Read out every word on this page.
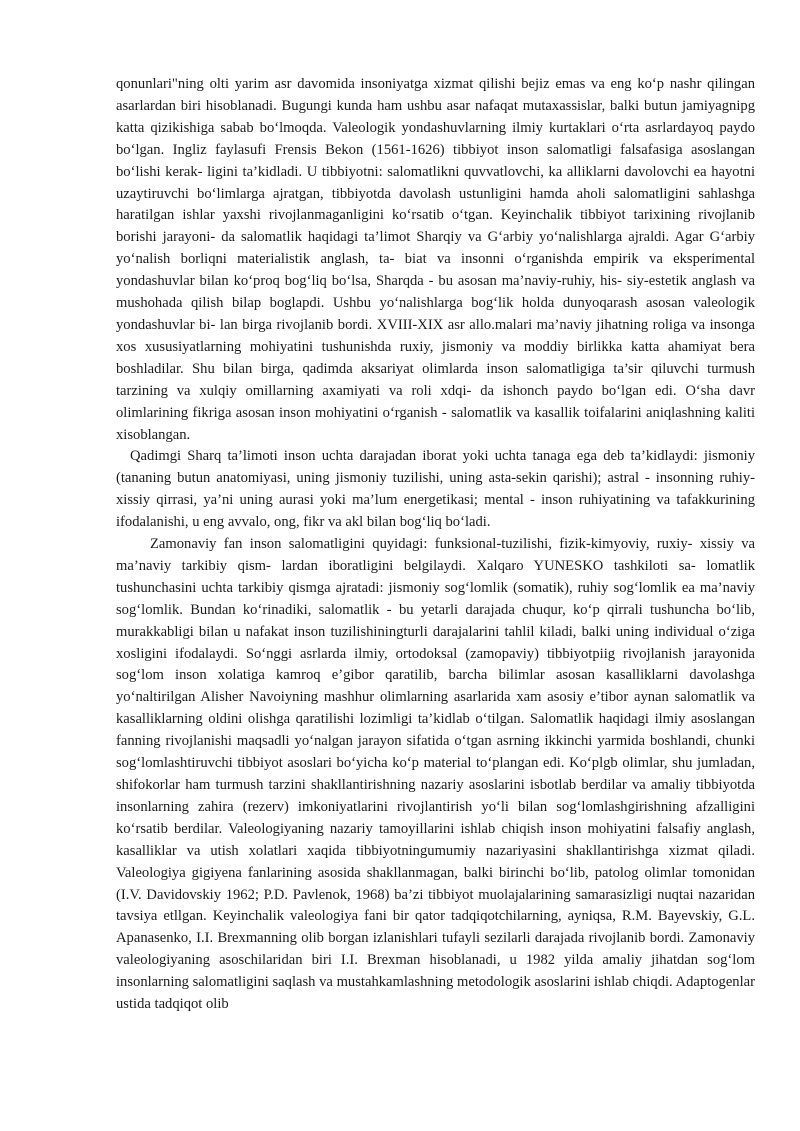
qonunlari"ning olti yarim asr davomida insoniyatga xizmat qilishi bejiz emas va eng ko‘p nashr qilingan asarlardan biri hisoblanadi. Bugungi kunda ham ushbu asar nafaqat mutaxassislar, balki butun jamiyagnipg katta qizikishiga sabab bo‘lmoqda. Valeologik yondashuvlarning ilmiy kurtaklari o‘rta asrlardayoq paydo bo‘lgan. Ingliz faylasufi Frensis Bekon (1561-1626) tibbiyot inson salomatligi falsafasiga asoslangan bo‘lishi kerak- ligini ta’kidladi. U tibbiyotni: salomatlikni quvvatlovchi, ka alliklarni davolovchi ea hayotni uzaytiruvchi bo‘limlarga ajratgan, tibbiyotda davolash ustunligini hamda aholi salomatligini sahlashga haratilgan ishlar yaxshi rivojlanmaganligini ko‘rsatib o‘tgan. Keyinchalik tibbiyot tarixining rivojlanib borishi jarayoni- da salomatlik haqidagi ta’limot Sharqiy va G‘arbiy yo‘nalishlarga ajraldi. Agar G‘arbiy yo‘nalish borliqni materialistik anglash, ta- biat va insonni o‘rganishda empirik va eksperimental yondashuvlar bilan ko‘proq bog‘liq bo‘lsa, Sharqda - bu asosan ma’naviy-ruhiy, his- siy-estetik anglash va mushohada qilish bilap boglapdi. Ushbu yo‘nalishlarga bog‘lik holda dunyoqarash asosan valeologik yondashuvlar bi- lan birga rivojlanib bordi. XVIII-XIX asr allo.malari ma’naviy jihatning roliga va insonga xos xususiyatlarning mohiyatini tushunishda ruxiy, jismoniy va moddiy birlikka katta ahamiyat bera boshladilar. Shu bilan birga, qadimda aksariyat olimlarda inson salomatligiga ta’sir qiluvchi turmush tarzining va xulqiy omillarning axamiyati va roli xdqi- da ishonch paydo bo‘lgan edi. O‘sha davr olimlarining fikriga asosan inson mohiyatini o‘rganish - salomatlik va kasallik toifalarini aniqlashning kaliti xisoblangan.

Qadimgi Sharq ta’limoti inson uchta darajadan iborat yoki uchta tanaga ega deb ta’kidlaydi: jismoniy (tananing butun anatomiyasi, uning jismoniy tuzilishi, uning asta-sekin qarishi); astral - insonning ruhiy-xissiy qirrasi, ya’ni uning aurasi yoki ma’lum energetikasi; mental - inson ruhiyatining va tafakkurining ifodalanishi, u eng avvalo, ong, fikr va akl bilan bog‘liq bo‘ladi.

Zamonaviy fan inson salomatligini quyidagi: funksional-tuzilishi, fizik-kimyoviy, ruxiy- xissiy va ma’naviy tarkibiy qism- lardan iboratligini belgilaydi. Xalqaro YUNESKO tashkiloti sa- lomatlik tushunchasini uchta tarkibiy qismga ajratadi: jismoniy sog‘lomlik (somatik), ruhiy sog‘lomlik ea ma’naviy sog‘lomlik. Bundan ko‘rinadiki, salomatlik - bu yetarli darajada chuqur, ko‘p qirrali tushuncha bo‘lib, murakkabligi bilan u nafakat inson tuzilishiningturli darajalarini tahlil kiladi, balki uning individual o‘ziga xosligini ifodalaydi. So‘nggi asrlarda ilmiy, ortodoksal (zamopaviy) tibbiyotpiig rivojlanish jarayonida sog‘lom inson xolatiga kamroq e’gibor qaratilib, barcha bilimlar asosan kasalliklarni davolashga yo‘naltirilgan Alisher Navoiyning mashhur olimlarning asarlarida xam asosiy e’tibor aynan salomatlik va kasalliklarning oldini olishga qaratilishi lozimligi ta’kidlab o‘tilgan. Salomatlik haqidagi ilmiy asoslangan fanning rivojlanishi maqsadli yo‘nalgan jarayon sifatida o‘tgan asrning ikkinchi yarmida boshlandi, chunki sog‘lomlashtiruvchi tibbiyot asoslari bo‘yicha ko‘p material to‘plangan edi. Ko‘plgb olimlar, shu jumladan, shifokorlar ham turmush tarzini shakllantirishning nazariy asoslarini isbotlab berdilar va amaliy tibbiyotda insonlarning zahira (rezerv) imkoniyatlarini rivojlantirish yo‘li bilan sog‘lomlashgirishning afzalligini ko‘rsatib berdilar. Valeologiyaning nazariy tamoyillarini ishlab chiqish inson mohiyatini falsafiy anglash, kasalliklar va utish xolatlari xaqida tibbiyotningumumiy nazariyasini shakllantirishga xizmat qiladi. Valeologiya gigiyena fanlarining asosida shakllanmagan, balki birinchi bo‘lib, patolog olimlar tomonidan (I.V. Davidovskiy 1962; P.D. Pavlenok, 1968) ba’zi tibbiyot muolajalarining samarasizligi nuqtai nazaridan tavsiya etllgan. Keyinchalik valeologiya fani bir qator tadqiqotchilarning, ayniqsa, R.M. Bayevskiy, G.L. Apanasenko, I.I. Brexmanning olib borgan izlanishlari tufayli sezilarli darajada rivojlanib bordi. Zamonaviy valeologiyaning asoschilaridan biri I.I. Brexman hisoblanadi, u 1982 yilda amaliy jihatdan sog‘lom insonlarning salomatligini saqlash va mustahkamlashning metodologik asoslarini ishlab chiqdi. Adaptogenlar ustida tadqiqot olib
